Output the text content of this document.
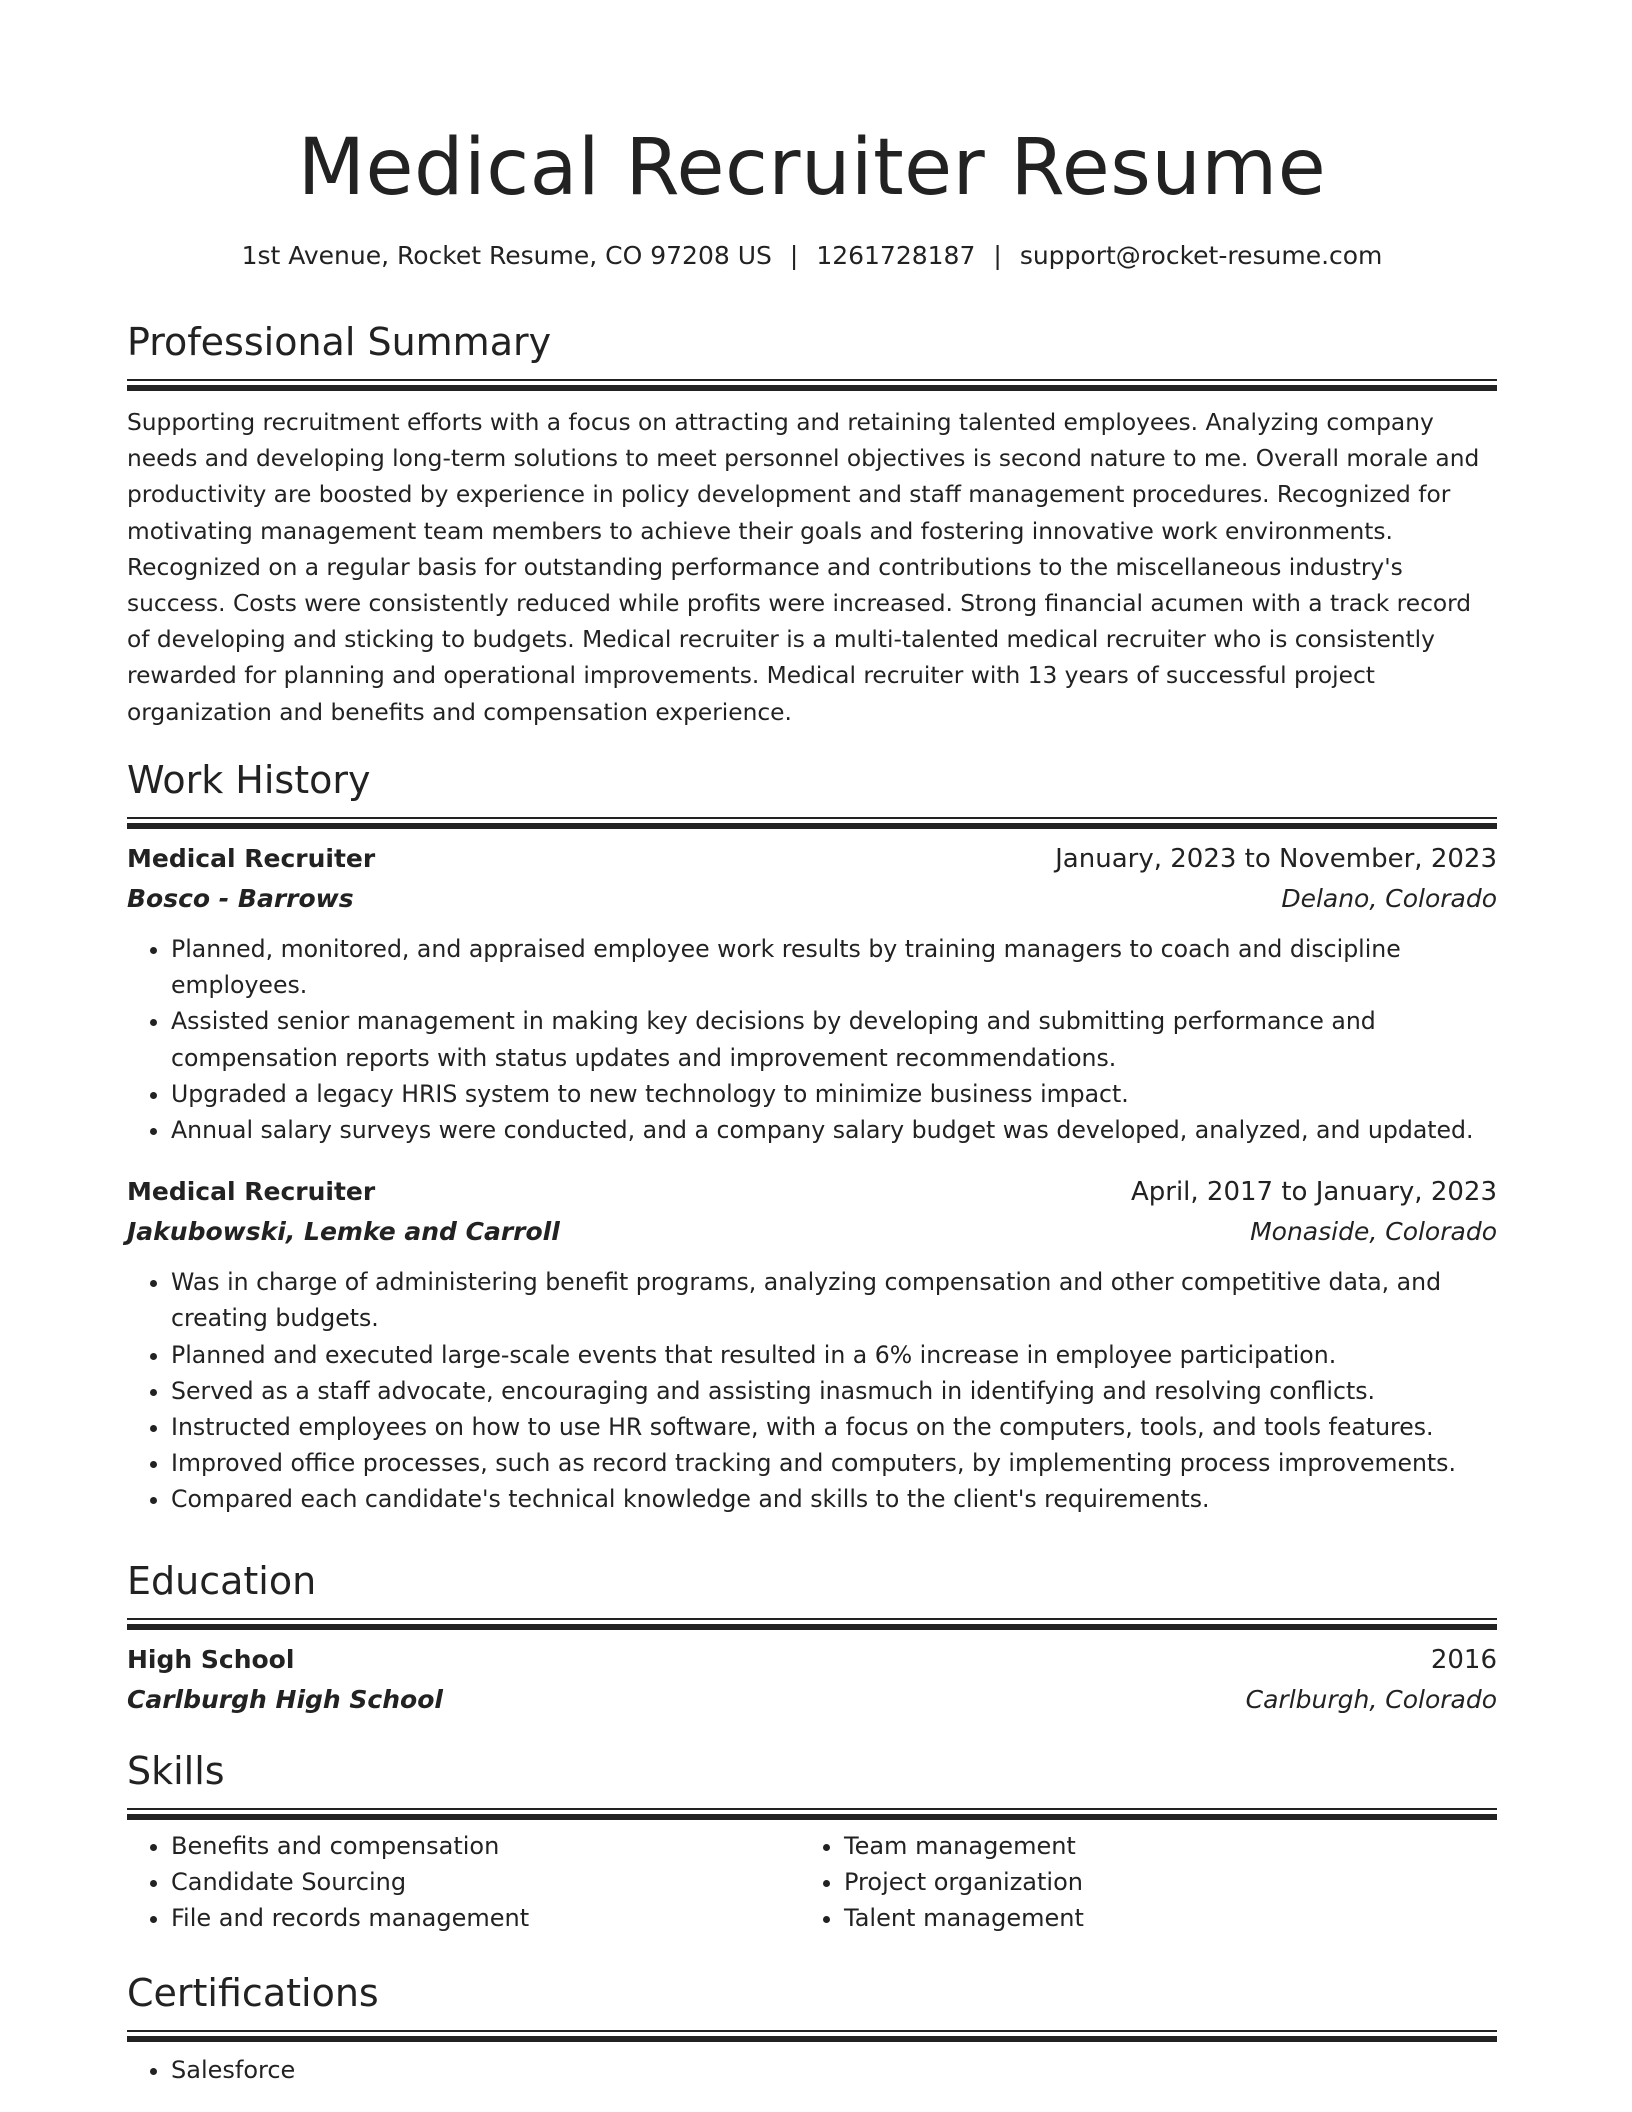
Medical Recruiter Resume
1st Avenue, Rocket Resume, CO 97208 US | 1261728187 | support@rocket-resume.com
Professional Summary
Supporting recruitment efforts with a focus on attracting and retaining talented employees. Analyzing company needs and developing long-term solutions to meet personnel objectives is second nature to me. Overall morale and productivity are boosted by experience in policy development and staff management procedures. Recognized for motivating management team members to achieve their goals and fostering innovative work environments. Recognized on a regular basis for outstanding performance and contributions to the miscellaneous industry's success. Costs were consistently reduced while profits were increased. Strong financial acumen with a track record of developing and sticking to budgets. Medical recruiter is a multi-talented medical recruiter who is consistently rewarded for planning and operational improvements. Medical recruiter with 13 years of successful project organization and benefits and compensation experience.
Work History
Medical Recruiter	January, 2023 to November, 2023
Bosco - Barrows	Delano, Colorado
• Planned, monitored, and appraised employee work results by training managers to coach and discipline employees.
• Assisted senior management in making key decisions by developing and submitting performance and compensation reports with status updates and improvement recommendations.
• Upgraded a legacy HRIS system to new technology to minimize business impact.
• Annual salary surveys were conducted, and a company salary budget was developed, analyzed, and updated.
Medical Recruiter	April, 2017 to January, 2023
Jakubowski, Lemke and Carroll	Monaside, Colorado
• Was in charge of administering benefit programs, analyzing compensation and other competitive data, and creating budgets.
• Planned and executed large-scale events that resulted in a 6% increase in employee participation.
• Served as a staff advocate, encouraging and assisting inasmuch in identifying and resolving conflicts.
• Instructed employees on how to use HR software, with a focus on the computers, tools, and tools features.
• Improved office processes, such as record tracking and computers, by implementing process improvements.
• Compared each candidate's technical knowledge and skills to the client's requirements.
Education
High School	2016
Carlburgh High School	Carlburgh, Colorado
Skills
• Benefits and compensation
• Candidate Sourcing
• File and records management
• Team management
• Project organization
• Talent management
Certifications
• Salesforce
